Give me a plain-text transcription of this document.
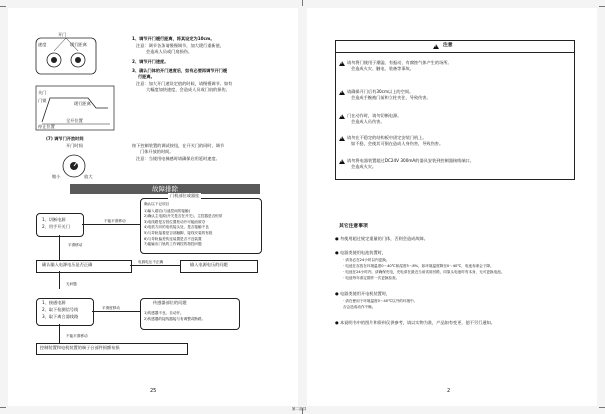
开门
速度	缓行距离
1、调节开门缓行距离，将其设定为10cm。
注意：调节各条请慢慢调节，加大缓行重新值，
会造成人员或门扇损伤。
2、调节开门速度。
3、确认门体的开门速度后，如有必要再调节开门缓
行距离。
注意：加大开门速设定值的时候，请慢慢调节。如有
大幅度加快速度，会造成人员或门扇的损伤。
关门
门锁
缓行距离
全开位置
停止位置
(7) 调节门开放时间
开门时间
缩小	放大
按下控制装置的调试按钮，在开关门的同时，调节
门体开放的时间。
注意：当使用电梯感时请确保启用延时速度。
故障排除
1、切断电源
2、用手开关门
不能平滑移动
门机部位或器挂
确认以下记项目
1)输入端自(与遥控间的接触)
2)确认主电源(开关是否在开关)，主控器是否恒常
3)电线路是否因位置松动开可能而被夺
4)电机方向的电机接头处，是否接触不良
5)与导轨接看是否部触脚，接线安装的有段
6)与导轨偏差传连装置是否不良装置
7)能输出门轨的工作调控的指控问题
平滑移动
确认输入电源电压是否正确	电源电压不正确	输入电源电压的问题
无问题
1、接通电源
2、取下检测信号线
3、取下离合器线路
平滑度移动
传感器部位的问题
1)传感器不良，自动开。
2)传感器的接线器接与有调整或断路。
不能平滑移动
控制装置和电机装置的端子台部件损额布损
25
!
注意
!
请勿将门使用于潮湿、有振动、有腐蚀气体产生的场所。
会造成火灾、触电、装备等事故。
!
请确保开门后有30cm以上的空间。
会造成手腕被门前和立柱夹住，导致伤害。
!
门在动作时，请勿切断电源。
会造成人员伤害。
!
请勿在不稳定的结构板中固定安装门机上。
如不稳，会使其可倒在造成人身伤害，导致伤害。
!
请勿将电器装置超过DC24V 300mA的器具安装到控制器接线端口。
会造成火灾。
其它注意事项
● 勿使用超过规定重量的门体，否则会造成故障。
● 电器类使用电池装置时，
· 请务必在24小时以内更换。
· 电池在存放在环境温度0～40℃和湿度5～8%，如环境温度降至0～40℃，电池寿命会下降。
· 电池在24小时内，请确保充电，充电请在最近当前试用回路，同原头电池时有本身，无可更换电池。
· 电池每年请定期作一次更换检查。
● 电器类使用开电机装置时，
· 请在使用于环境温度0～40℃以外的环境中。
否会造成动作不畅。
● 本说明书中的图片和资料仅供参考，请以实物为准，产品如有变更，恕不另行通知。
2
第二页共
